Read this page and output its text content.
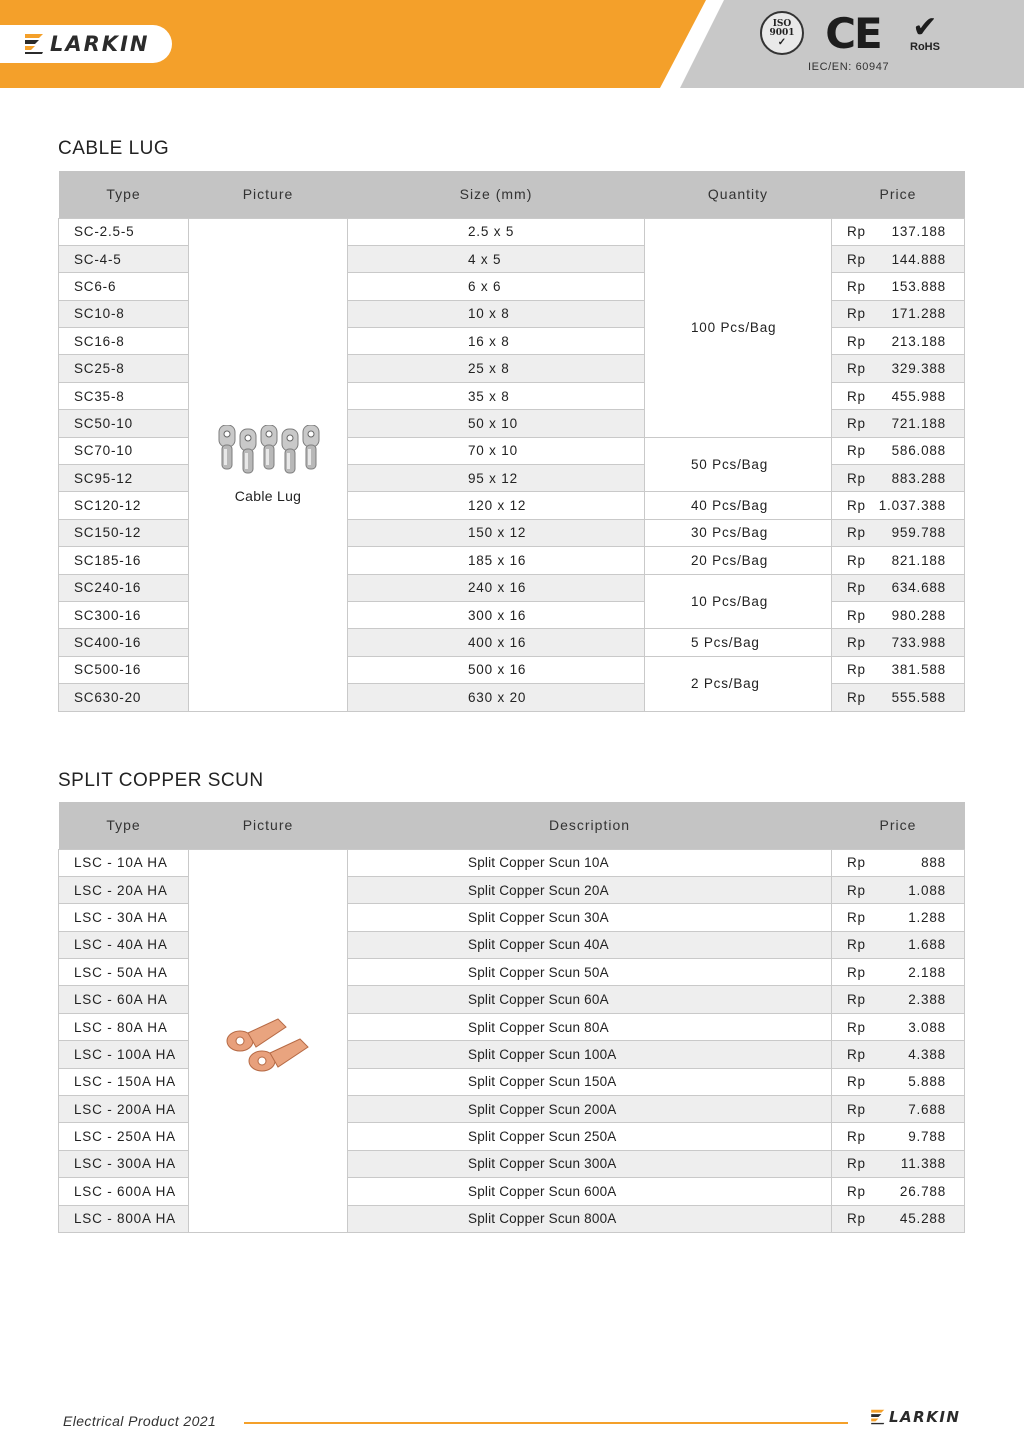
LARKIN
ISO
9001
✓ CE ✔
RoHS
IEC/EN: 60947
CABLE LUG
Type	Picture	Size (mm)	Quantity	Price
SC-2.5-5	Cable Lug	2.5 x 5	100 Pcs/Bag	Rp 137.188

SC-4-5		4 x 5		Rp 144.888

SC6-6		6 x 6		Rp 153.888

SC10-8		10 x 8		Rp 171.288

SC16-8		16 x 8		Rp 213.188

SC25-8		25 x 8		Rp 329.388

SC35-8		35 x 8		Rp 455.988

SC50-10		50 x 10		Rp 721.188

SC70-10		70 x 10	50 Pcs/Bag	Rp 586.088

SC95-12		95 x 12		Rp 883.288

SC120-12		120 x 12	40 Pcs/Bag	Rp 1.037.388

SC150-12		150 x 12	30 Pcs/Bag	Rp 959.788

SC185-16		185 x 16	20 Pcs/Bag	Rp 821.188

SC240-16		240 x 16	10 Pcs/Bag	Rp 634.688

SC300-16		300 x 16		Rp 980.288

SC400-16		400 x 16	5 Pcs/Bag	Rp 733.988

SC500-16		500 x 16	2 Pcs/Bag	Rp 381.588

SC630-20		630 x 20		Rp 555.588
SPLIT COPPER SCUN
Type	Picture	Description	Price
LSC - 10A HA		Split Copper Scun 10A	Rp 888

LSC - 20A HA		Split Copper Scun 20A	Rp 1.088

LSC - 30A HA		Split Copper Scun 30A	Rp 1.288

LSC - 40A HA		Split Copper Scun 40A	Rp 1.688

LSC - 50A HA		Split Copper Scun 50A	Rp 2.188

LSC - 60A HA		Split Copper Scun 60A	Rp 2.388

LSC - 80A HA		Split Copper Scun 80A	Rp 3.088

LSC - 100A HA		Split Copper Scun 100A	Rp 4.388

LSC - 150A HA		Split Copper Scun 150A	Rp 5.888

LSC - 200A HA		Split Copper Scun 200A	Rp 7.688

LSC - 250A HA		Split Copper Scun 250A	Rp 9.788

LSC - 300A HA		Split Copper Scun 300A	Rp 11.388

LSC - 600A HA		Split Copper Scun 600A	Rp 26.788

LSC - 800A HA		Split Copper Scun 800A	Rp 45.288
Electrical Product 2021	LARKIN
